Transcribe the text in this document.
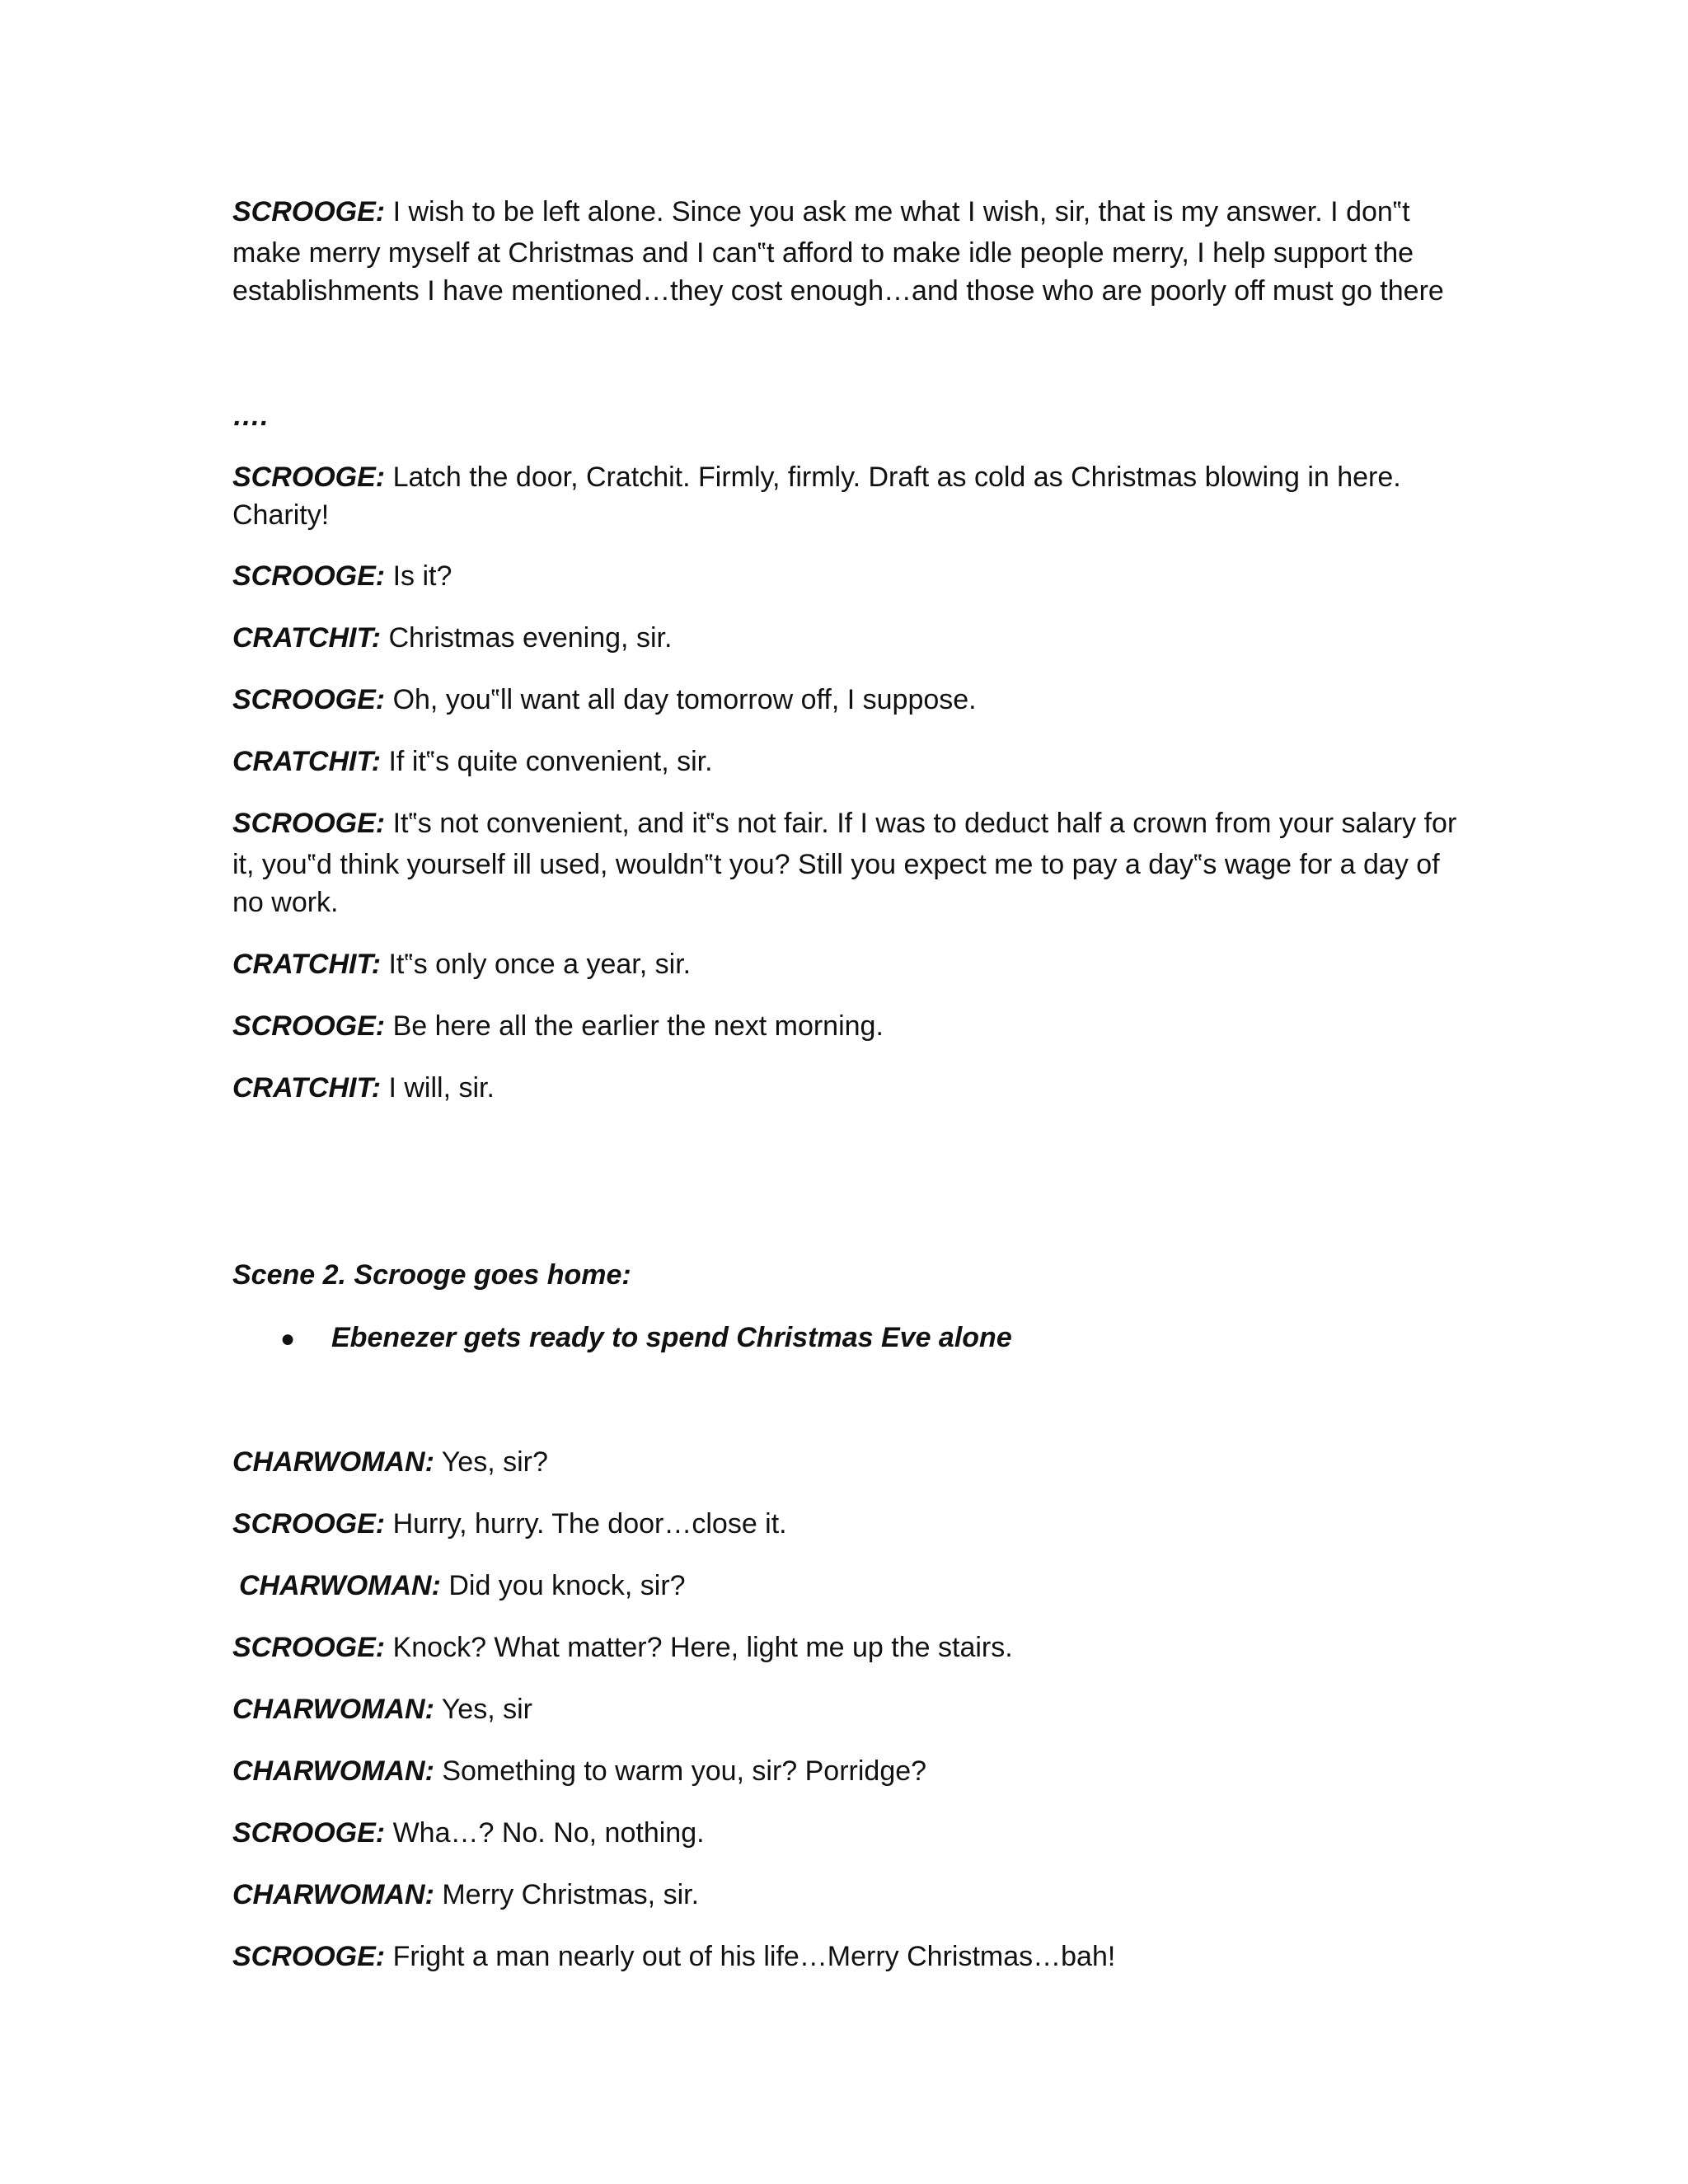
SCROOGE: I wish to be left alone. Since you ask me what I wish, sir, that is my answer. I don‟t
make merry myself at Christmas and I can‟t afford to make idle people merry, I help support the
establishments I have mentioned…they cost enough…and those who are poorly off must go there
….
SCROOGE: Latch the door, Cratchit. Firmly, firmly. Draft as cold as Christmas blowing in here.
Charity!
SCROOGE: Is it?
CRATCHIT: Christmas evening, sir.
SCROOGE: Oh, you‟ll want all day tomorrow off, I suppose.
CRATCHIT: If it‟s quite convenient, sir.
SCROOGE: It‟s not convenient, and it‟s not fair. If I was to deduct half a crown from your salary for
it, you‟d think yourself ill used, wouldn‟t you? Still you expect me to pay a day‟s wage for a day of
no work.
CRATCHIT: It‟s only once a year, sir.
SCROOGE: Be here all the earlier the next morning.
CRATCHIT: I will, sir.
Scene 2. Scrooge goes home:
● Ebenezer gets ready to spend Christmas Eve alone
CHARWOMAN: Yes, sir?
SCROOGE: Hurry, hurry. The door…close it.
CHARWOMAN: Did you knock, sir?
SCROOGE: Knock? What matter? Here, light me up the stairs.
CHARWOMAN: Yes, sir
CHARWOMAN: Something to warm you, sir? Porridge?
SCROOGE: Wha…? No. No, nothing.
CHARWOMAN: Merry Christmas, sir.
SCROOGE: Fright a man nearly out of his life…Merry Christmas…bah!
